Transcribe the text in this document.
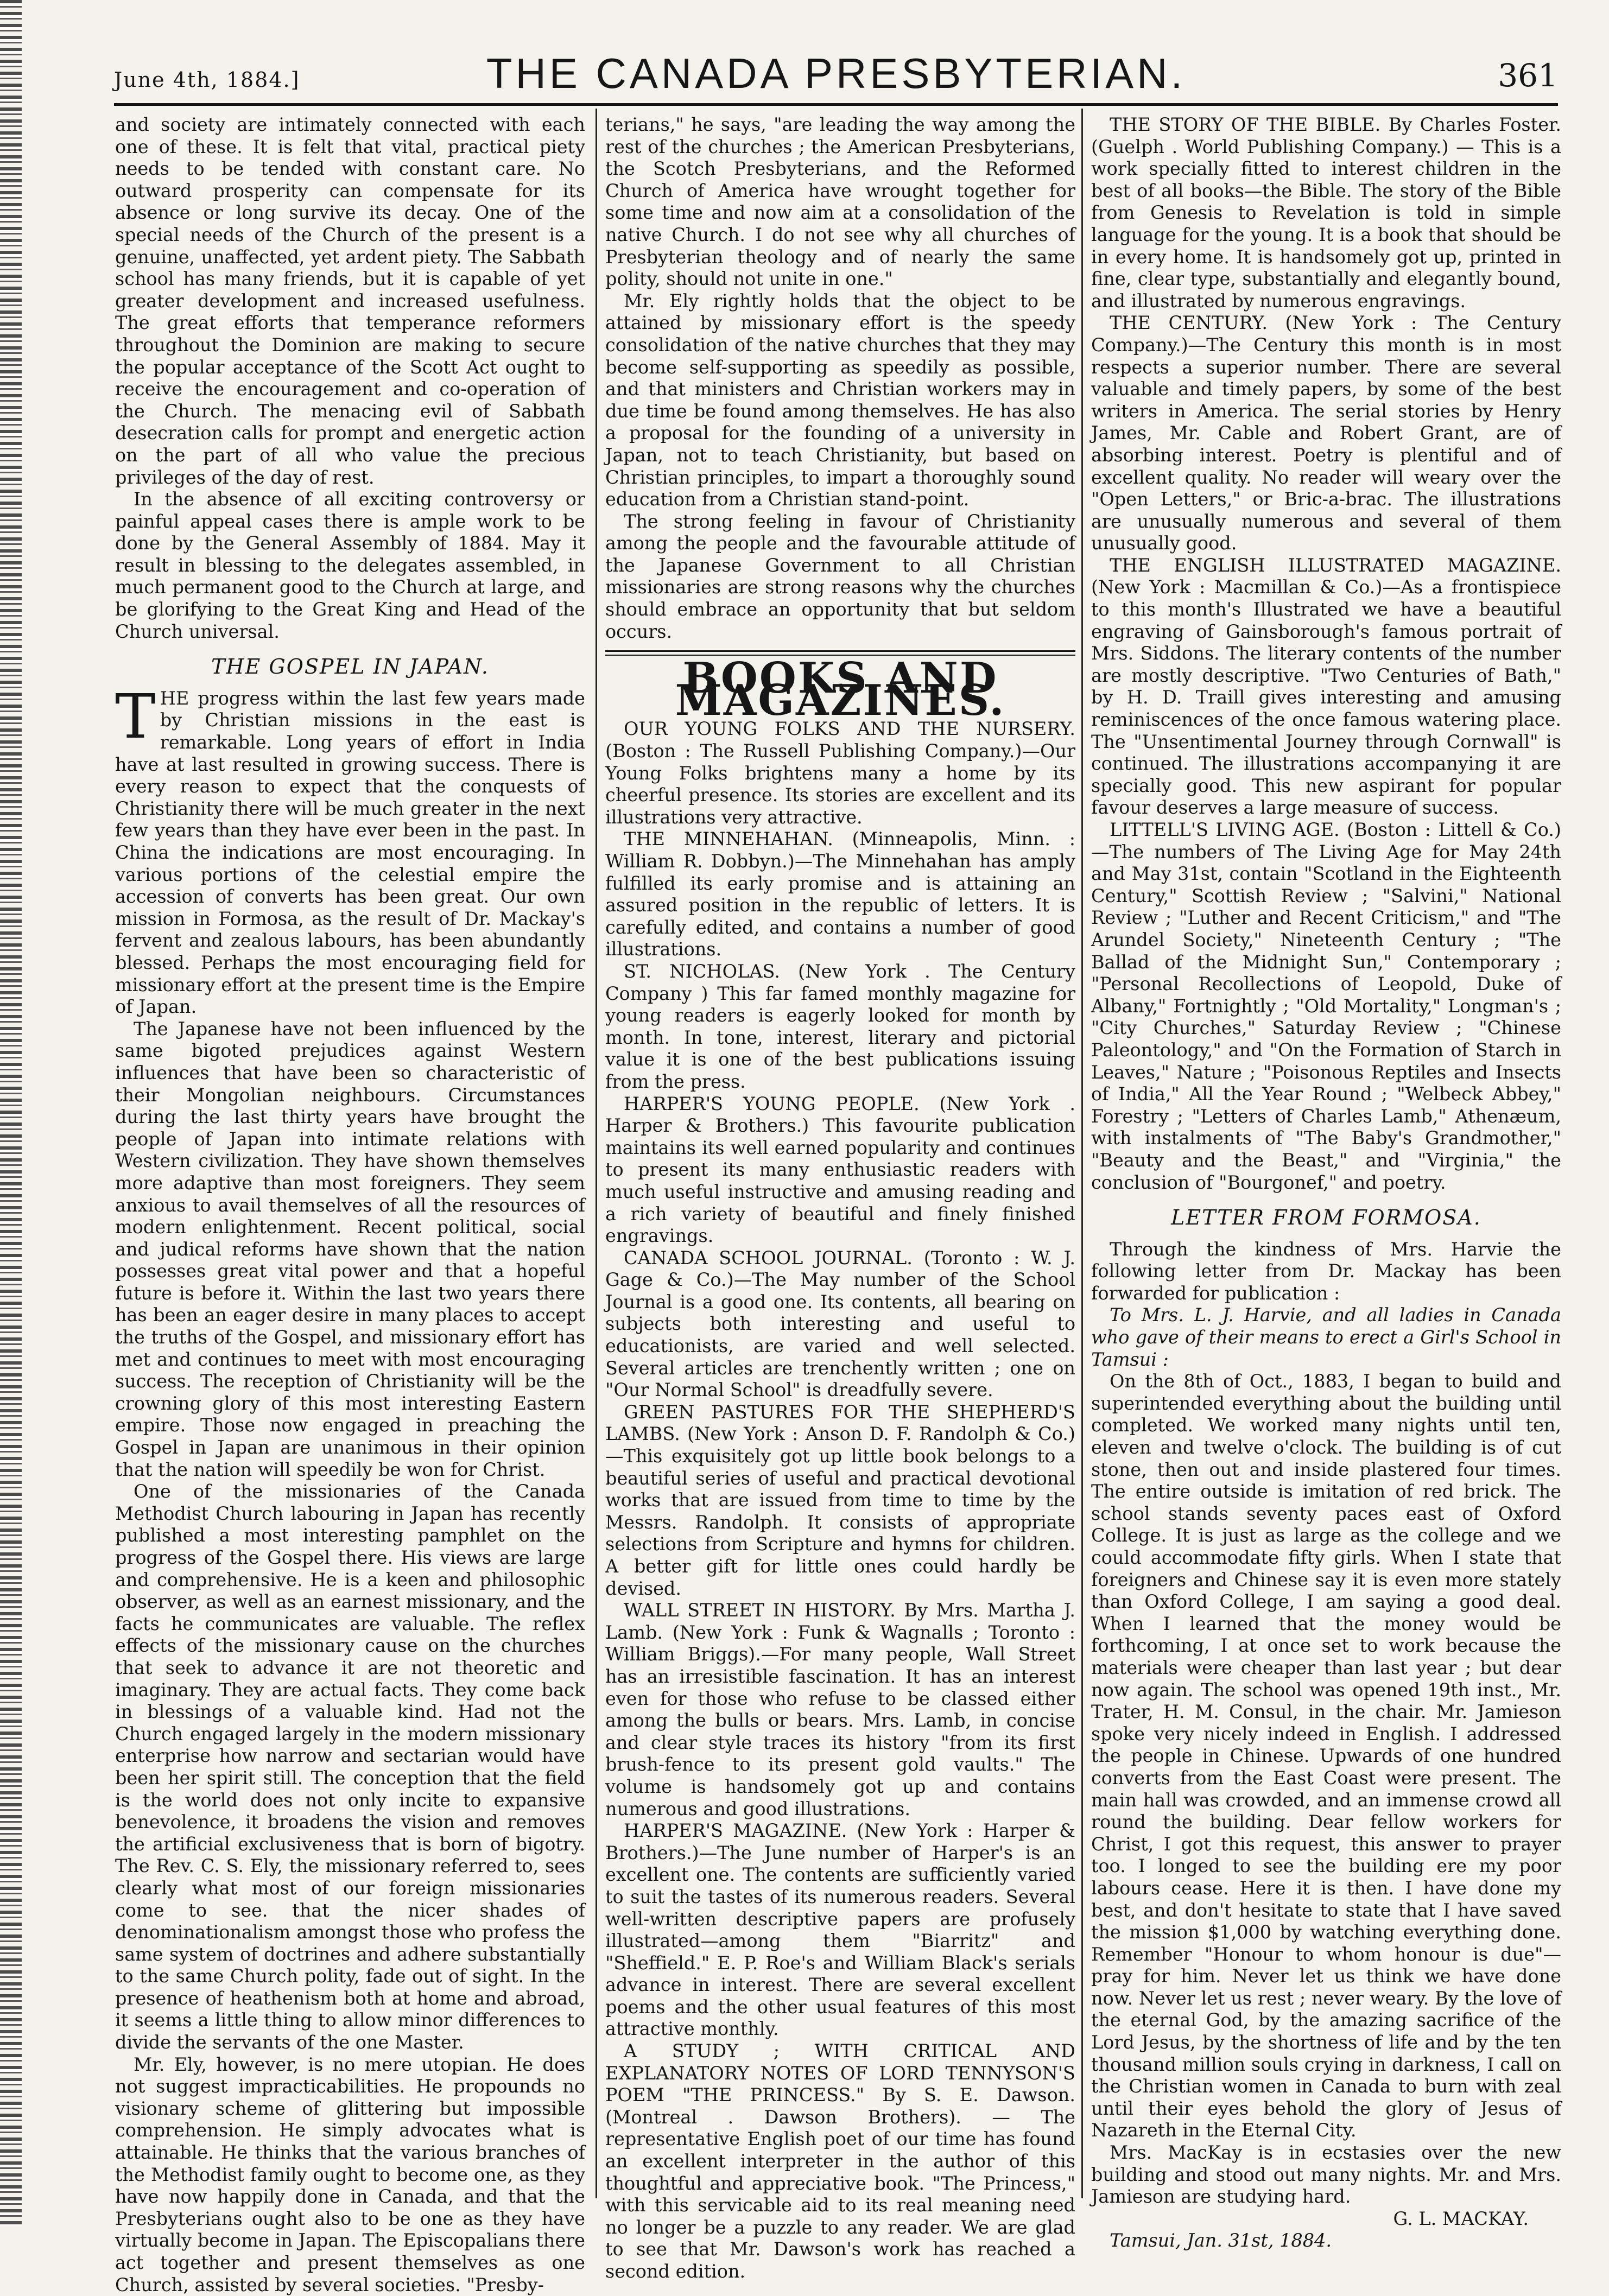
June 4th, 1884.]	THE CANADA PRESBYTERIAN.	361

and society are intimately connected with each one of these. It is felt that vital, practical piety needs to be tended with constant care. No outward prosperity can compensate for its absence or long survive its decay. One of the special needs of the Church of the present is a genuine, unaffected, yet ardent piety. The Sabbath school has many friends, but it is capable of yet greater development and increased usefulness. The great efforts that temperance reformers throughout the Dominion are making to secure the popular acceptance of the Scott Act ought to receive the encouragement and co-operation of the Church. The menacing evil of Sabbath desecration calls for prompt and energetic action on the part of all who value the precious privileges of the day of rest.

In the absence of all exciting controversy or painful appeal cases there is ample work to be done by the General Assembly of 1884. May it result in blessing to the delegates assembled, in much permanent good to the Church at large, and be glorifying to the Great King and Head of the Church universal.

THE GOSPEL IN JAPAN.

THE progress within the last few years made by Christian missions in the east is remarkable. Long years of effort in India have at last resulted in growing success. There is every reason to expect that the conquests of Christianity there will be much greater in the next few years than they have ever been in the past. In China the indications are most encouraging. In various portions of the celestial empire the accession of converts has been great. Our own mission in Formosa, as the result of Dr. Mackay's fervent and zealous labours, has been abundantly blessed. Perhaps the most encouraging field for missionary effort at the present time is the Empire of Japan.

The Japanese have not been influenced by the same bigoted prejudices against Western influences that have been so characteristic of their Mongolian neighbours. Circumstances during the last thirty years have brought the people of Japan into intimate relations with Western civilization. They have shown themselves more adaptive than most foreigners. They seem anxious to avail themselves of all the resources of modern enlightenment. Recent political, social and judical reforms have shown that the nation possesses great vital power and that a hopeful future is before it. Within the last two years there has been an eager desire in many places to accept the truths of the Gospel, and missionary effort has met and continues to meet with most encouraging success. The reception of Christianity will be the crowning glory of this most interesting Eastern empire. Those now engaged in preaching the Gospel in Japan are unanimous in their opinion that the nation will speedily be won for Christ.

One of the missionaries of the Canada Methodist Church labouring in Japan has recently published a most interesting pamphlet on the progress of the Gospel there. His views are large and comprehensive. He is a keen and philosophic observer, as well as an earnest missionary, and the facts he communicates are valuable. The reflex effects of the missionary cause on the churches that seek to advance it are not theoretic and imaginary. They are actual facts. They come back in blessings of a valuable kind. Had not the Church engaged largely in the modern missionary enterprise how narrow and sectarian would have been her spirit still. The conception that the field is the world does not only incite to expansive benevolence, it broadens the vision and removes the artificial exclusiveness that is born of bigotry. The Rev. C. S. Ely, the missionary referred to, sees clearly what most of our foreign missionaries come to see. that the nicer shades of denominationalism amongst those who profess the same system of doctrines and adhere substantially to the same Church polity, fade out of sight. In the presence of heathenism both at home and abroad, it seems a little thing to allow minor differences to divide the servants of the one Master.

Mr. Ely, however, is no mere utopian. He does not suggest impracticabilities. He propounds no visionary scheme of glittering but impossible comprehension. He simply advocates what is attainable. He thinks that the various branches of the Methodist family ought to become one, as they have now happily done in Canada, and that the Presbyterians ought also to be one as they have virtually become in Japan. The Episcopalians there act together and present themselves as one Church, assisted by several societies. "Presby-

terians," he says, "are leading the way among the rest of the churches ; the American Presbyterians, the Scotch Presbyterians, and the Reformed Church of America have wrought together for some time and now aim at a consolidation of the native Church. I do not see why all churches of Presbyterian theology and of nearly the same polity, should not unite in one."

Mr. Ely rightly holds that the object to be attained by missionary effort is the speedy consolidation of the native churches that they may become self-supporting as speedily as possible, and that ministers and Christian workers may in due time be found among themselves. He has also a proposal for the founding of a university in Japan, not to teach Christianity, but based on Christian principles, to impart a thoroughly sound education from a Christian stand-point.

The strong feeling in favour of Christianity among the people and the favourable attitude of the Japanese Government to all Christian missionaries are strong reasons why the churches should embrace an opportunity that but seldom occurs.

BOOKS AND MAGAZINES.

OUR YOUNG FOLKS AND THE NURSERY. (Boston : The Russell Publishing Company.)—Our Young Folks brightens many a home by its cheerful presence. Its stories are excellent and its illustrations very attractive.

THE MINNEHAHAN. (Minneapolis, Minn. : William R. Dobbyn.)—The Minnehahan has amply fulfilled its early promise and is attaining an assured position in the republic of letters. It is carefully edited, and contains a number of good illustrations.

ST. NICHOLAS. (New York . The Century Company ) This far famed monthly magazine for young readers is eagerly looked for month by month. In tone, interest, literary and pictorial value it is one of the best publications issuing from the press.

HARPER'S YOUNG PEOPLE. (New York . Harper & Brothers.) This favourite publication maintains its well earned popularity and continues to present its many enthusiastic readers with much useful instructive and amusing reading and a rich variety of beautiful and finely finished engravings.

CANADA SCHOOL JOURNAL. (Toronto : W. J. Gage & Co.)—The May number of the School Journal is a good one. Its contents, all bearing on subjects both interesting and useful to educationists, are varied and well selected. Several articles are trenchently written ; one on "Our Normal School" is dreadfully severe.

GREEN PASTURES FOR THE SHEPHERD'S LAMBS. (New York : Anson D. F. Randolph & Co.)—This exquisitely got up little book belongs to a beautiful series of useful and practical devotional works that are issued from time to time by the Messrs. Randolph. It consists of appropriate selections from Scripture and hymns for children. A better gift for little ones could hardly be devised.

WALL STREET IN HISTORY. By Mrs. Martha J. Lamb. (New York : Funk & Wagnalls ; Toronto : William Briggs).—For many people, Wall Street has an irresistible fascination. It has an interest even for those who refuse to be classed either among the bulls or bears. Mrs. Lamb, in concise and clear style traces its history "from its first brush-fence to its present gold vaults." The volume is handsomely got up and contains numerous and good illustrations.

HARPER'S MAGAZINE. (New York : Harper & Brothers.)—The June number of Harper's is an excellent one. The contents are sufficiently varied to suit the tastes of its numerous readers. Several well-written descriptive papers are profusely illustrated—among them "Biarritz" and "Sheffield." E. P. Roe's and William Black's serials advance in interest. There are several excellent poems and the other usual features of this most attractive monthly.

A STUDY ; WITH CRITICAL AND EXPLANATORY NOTES OF LORD TENNYSON'S POEM "THE PRINCESS." By S. E. Dawson. (Montreal . Dawson Brothers). — The representative English poet of our time has found an excellent interpreter in the author of this thoughtful and appreciative book. "The Princess," with this servicable aid to its real meaning need no longer be a puzzle to any reader. We are glad to see that Mr. Dawson's work has reached a second edition.

THE STORY OF THE BIBLE. By Charles Foster. (Guelph . World Publishing Company.) — This is a work specially fitted to interest children in the best of all books—the Bible. The story of the Bible from Genesis to Revelation is told in simple language for the young. It is a book that should be in every home. It is handsomely got up, printed in fine, clear type, substantially and elegantly bound, and illustrated by numerous engravings.

THE CENTURY. (New York : The Century Company.)—The Century this month is in most respects a superior number. There are several valuable and timely papers, by some of the best writers in America. The serial stories by Henry James, Mr. Cable and Robert Grant, are of absorbing interest. Poetry is plentiful and of excellent quality. No reader will weary over the "Open Letters," or Bric-a-brac. The illustrations are unusually numerous and several of them unusually good.

THE ENGLISH ILLUSTRATED MAGAZINE. (New York : Macmillan & Co.)—As a frontispiece to this month's Illustrated we have a beautiful engraving of Gainsborough's famous portrait of Mrs. Siddons. The literary contents of the number are mostly descriptive. "Two Centuries of Bath," by H. D. Traill gives interesting and amusing reminiscences of the once famous watering place. The "Unsentimental Journey through Cornwall" is continued. The illustrations accompanying it are specially good. This new aspirant for popular favour deserves a large measure of success.

LITTELL'S LIVING AGE. (Boston : Littell & Co.) —The numbers of The Living Age for May 24th and May 31st, contain "Scotland in the Eighteenth Century," Scottish Review ; "Salvini," National Review ; "Luther and Recent Criticism," and "The Arundel Society," Nineteenth Century ; "The Ballad of the Midnight Sun," Contemporary ; "Personal Recollections of Leopold, Duke of Albany," Fortnightly ; "Old Mortality," Longman's ; "City Churches," Saturday Review ; "Chinese Paleontology," and "On the Formation of Starch in Leaves," Nature ; "Poisonous Reptiles and Insects of India," All the Year Round ; "Welbeck Abbey," Forestry ; "Letters of Charles Lamb," Athenæum, with instalments of "The Baby's Grandmother," "Beauty and the Beast," and "Virginia," the conclusion of "Bourgonef," and poetry.

LETTER FROM FORMOSA.

Through the kindness of Mrs. Harvie the following letter from Dr. Mackay has been forwarded for publication :

To Mrs. L. J. Harvie, and all ladies in Canada who gave of their means to erect a Girl's School in Tamsui :

On the 8th of Oct., 1883, I began to build and superintended everything about the building until completed. We worked many nights until ten, eleven and twelve o'clock. The building is of cut stone, then out and inside plastered four times. The entire outside is imitation of red brick. The school stands seventy paces east of Oxford College. It is just as large as the college and we could accommodate fifty girls. When I state that foreigners and Chinese say it is even more stately than Oxford College, I am saying a good deal. When I learned that the money would be forthcoming, I at once set to work because the materials were cheaper than last year ; but dear now again. The school was opened 19th inst., Mr. Trater, H. M. Consul, in the chair. Mr. Jamieson spoke very nicely indeed in English. I addressed the people in Chinese. Upwards of one hundred converts from the East Coast were present. The main hall was crowded, and an immense crowd all round the building. Dear fellow workers for Christ, I got this request, this answer to prayer too. I longed to see the building ere my poor labours cease. Here it is then. I have done my best, and don't hesitate to state that I have saved the mission $1,000 by watching everything done. Remember "Honour to whom honour is due"—pray for him. Never let us think we have done now. Never let us rest ; never weary. By the love of the eternal God, by the amazing sacrifice of the Lord Jesus, by the shortness of life and by the ten thousand million souls crying in darkness, I call on the Christian women in Canada to burn with zeal until their eyes behold the glory of Jesus of Nazareth in the Eternal City.

Mrs. MacKay is in ecstasies over the new building and stood out many nights. Mr. and Mrs. Jamieson are studying hard.

G. L. MACKAY.

Tamsui, Jan. 31st, 1884.
